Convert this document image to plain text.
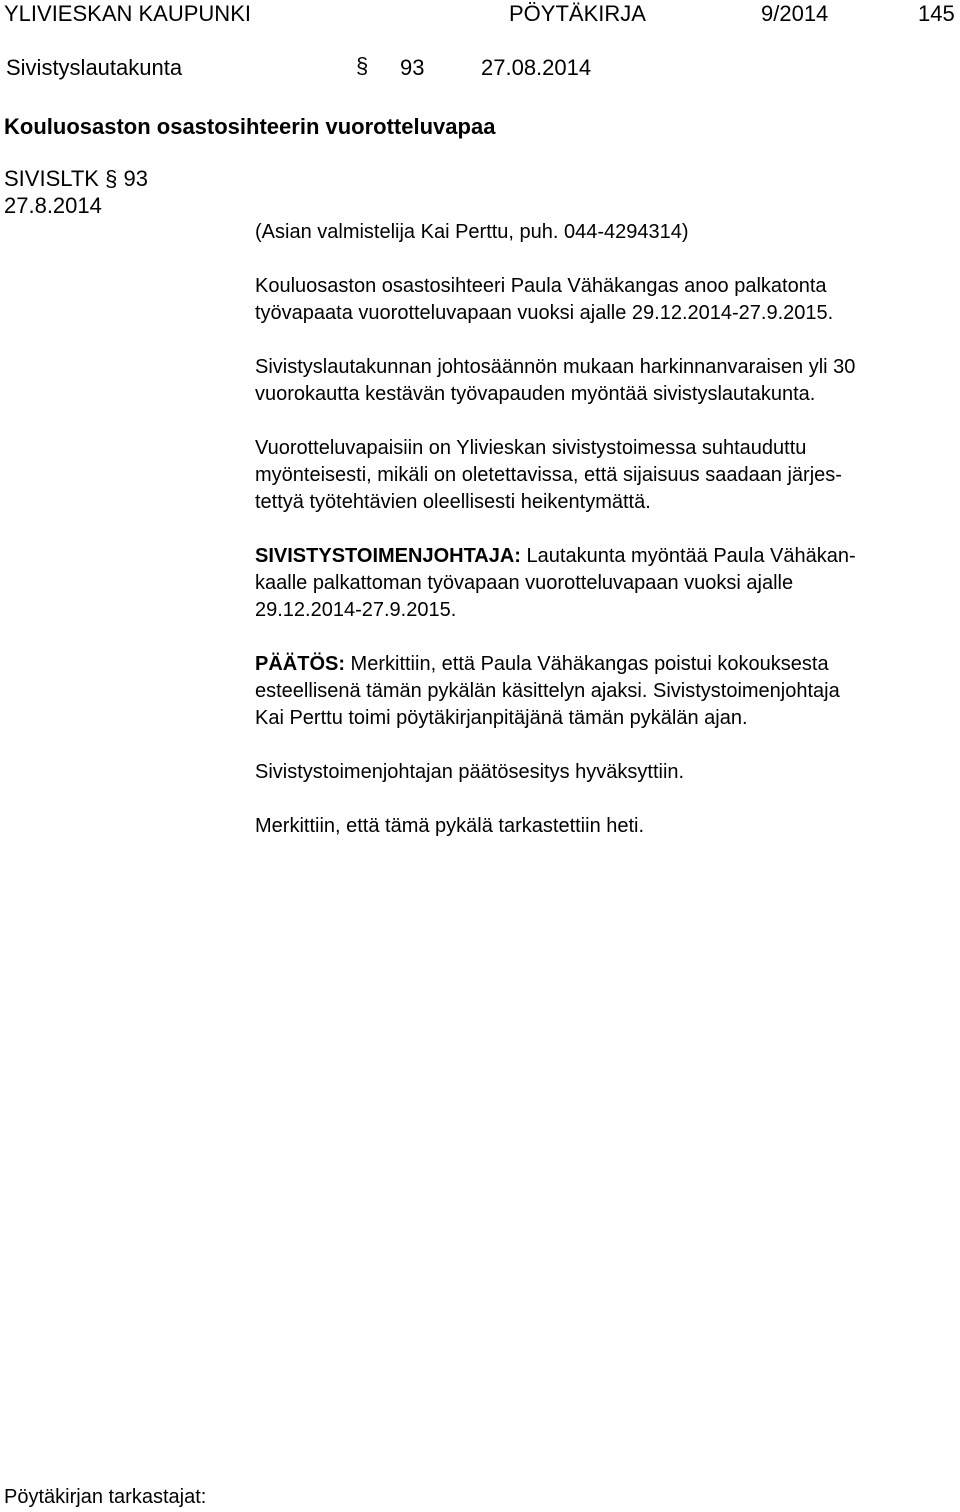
YLIVIESKAN KAUPUNKI	PÖYTÄKIRJA	9/2014	145
Sivistyslautakunta	§ 93	27.08.2014
Kouluosaston osastosihteerin vuorotteluvapaa
SIVISLTK § 93
27.8.2014
(Asian valmistelija Kai Perttu, puh. 044-4294314)
Kouluosaston osastosihteeri Paula Vähäkangas anoo palkatonta
työvapaata vuorotteluvapaan vuoksi ajalle 29.12.2014-27.9.2015.
Sivistyslautakunnan johtosäännön mukaan harkinnanvaraisen yli 30
vuorokautta kestävän työvapauden myöntää sivistyslautakunta.
Vuorotteluvapaisiin on Ylivieskan sivistystoimessa suhtauduttu
myönteisesti, mikäli on oletettavissa, että sijaisuus saadaan järjes-
tettyä työtehtävien oleellisesti heikentymättä.
SIVISTYSTOIMENJOHTAJA: Lautakunta myöntää Paula Vähäkan-
kaalle palkattoman työvapaan vuorotteluvapaan vuoksi ajalle
29.12.2014-27.9.2015.
PÄÄTÖS: Merkittiin, että Paula Vähäkangas poistui kokouksesta
esteellisenä tämän pykälän käsittelyn ajaksi. Sivistystoimenjohtaja
Kai Perttu toimi pöytäkirjanpitäjänä tämän pykälän ajan.
Sivistystoimenjohtajan päätösesitys hyväksyttiin.
Merkittiin, että tämä pykälä tarkastettiin heti.
Pöytäkirjan tarkastajat:
